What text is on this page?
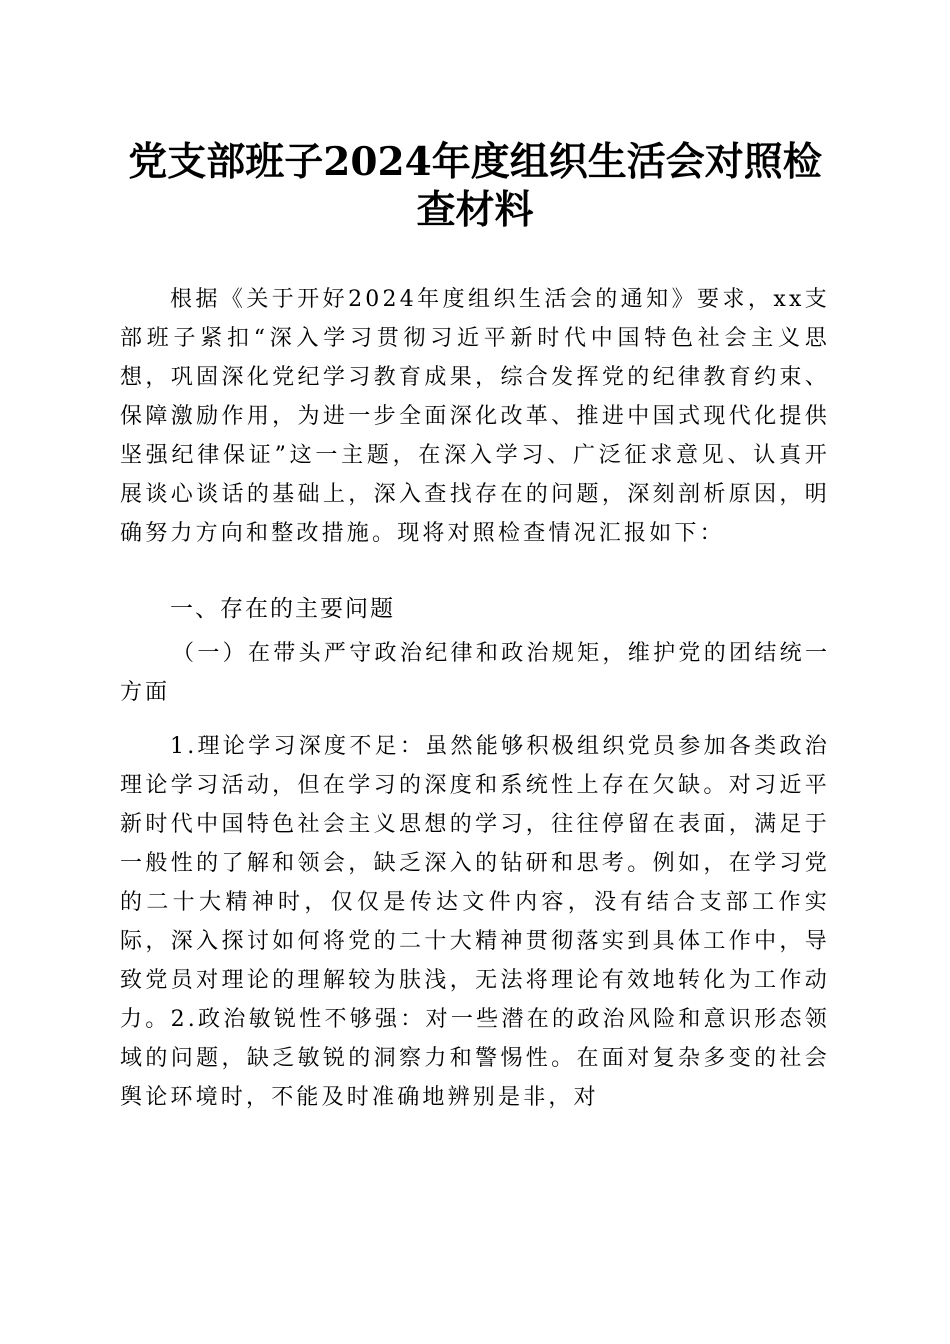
党支部班子2024年度组织生活会对照检查材料

根据《关于开好2024年度组织生活会的通知》要求，xx支部班子紧扣“深入学习贯彻习近平新时代中国特色社会主义思想，巩固深化党纪学习教育成果，综合发挥党的纪律教育约束、保障激励作用，为进一步全面深化改革、推进中国式现代化提供坚强纪律保证”这一主题，在深入学习、广泛征求意见、认真开展谈心谈话的基础上，深入查找存在的问题，深刻剖析原因，明确努力方向和整改措施。现将对照检查情况汇报如下：

一、存在的主要问题

（一）在带头严守政治纪律和政治规矩，维护党的团结统一方面

1.理论学习深度不足：虽然能够积极组织党员参加各类政治理论学习活动，但在学习的深度和系统性上存在欠缺。对习近平新时代中国特色社会主义思想的学习，往往停留在表面，满足于一般性的了解和领会，缺乏深入的钻研和思考。例如，在学习党的二十大精神时，仅仅是传达文件内容，没有结合支部工作实际，深入探讨如何将党的二十大精神贯彻落实到具体工作中，导致党员对理论的理解较为肤浅，无法将理论有效地转化为工作动力。2.政治敏锐性不够强：对一些潜在的政治风险和意识形态领域的问题，缺乏敏锐的洞察力和警惕性。在面对复杂多变的社会舆论环境时，不能及时准确地辨别是非，对
